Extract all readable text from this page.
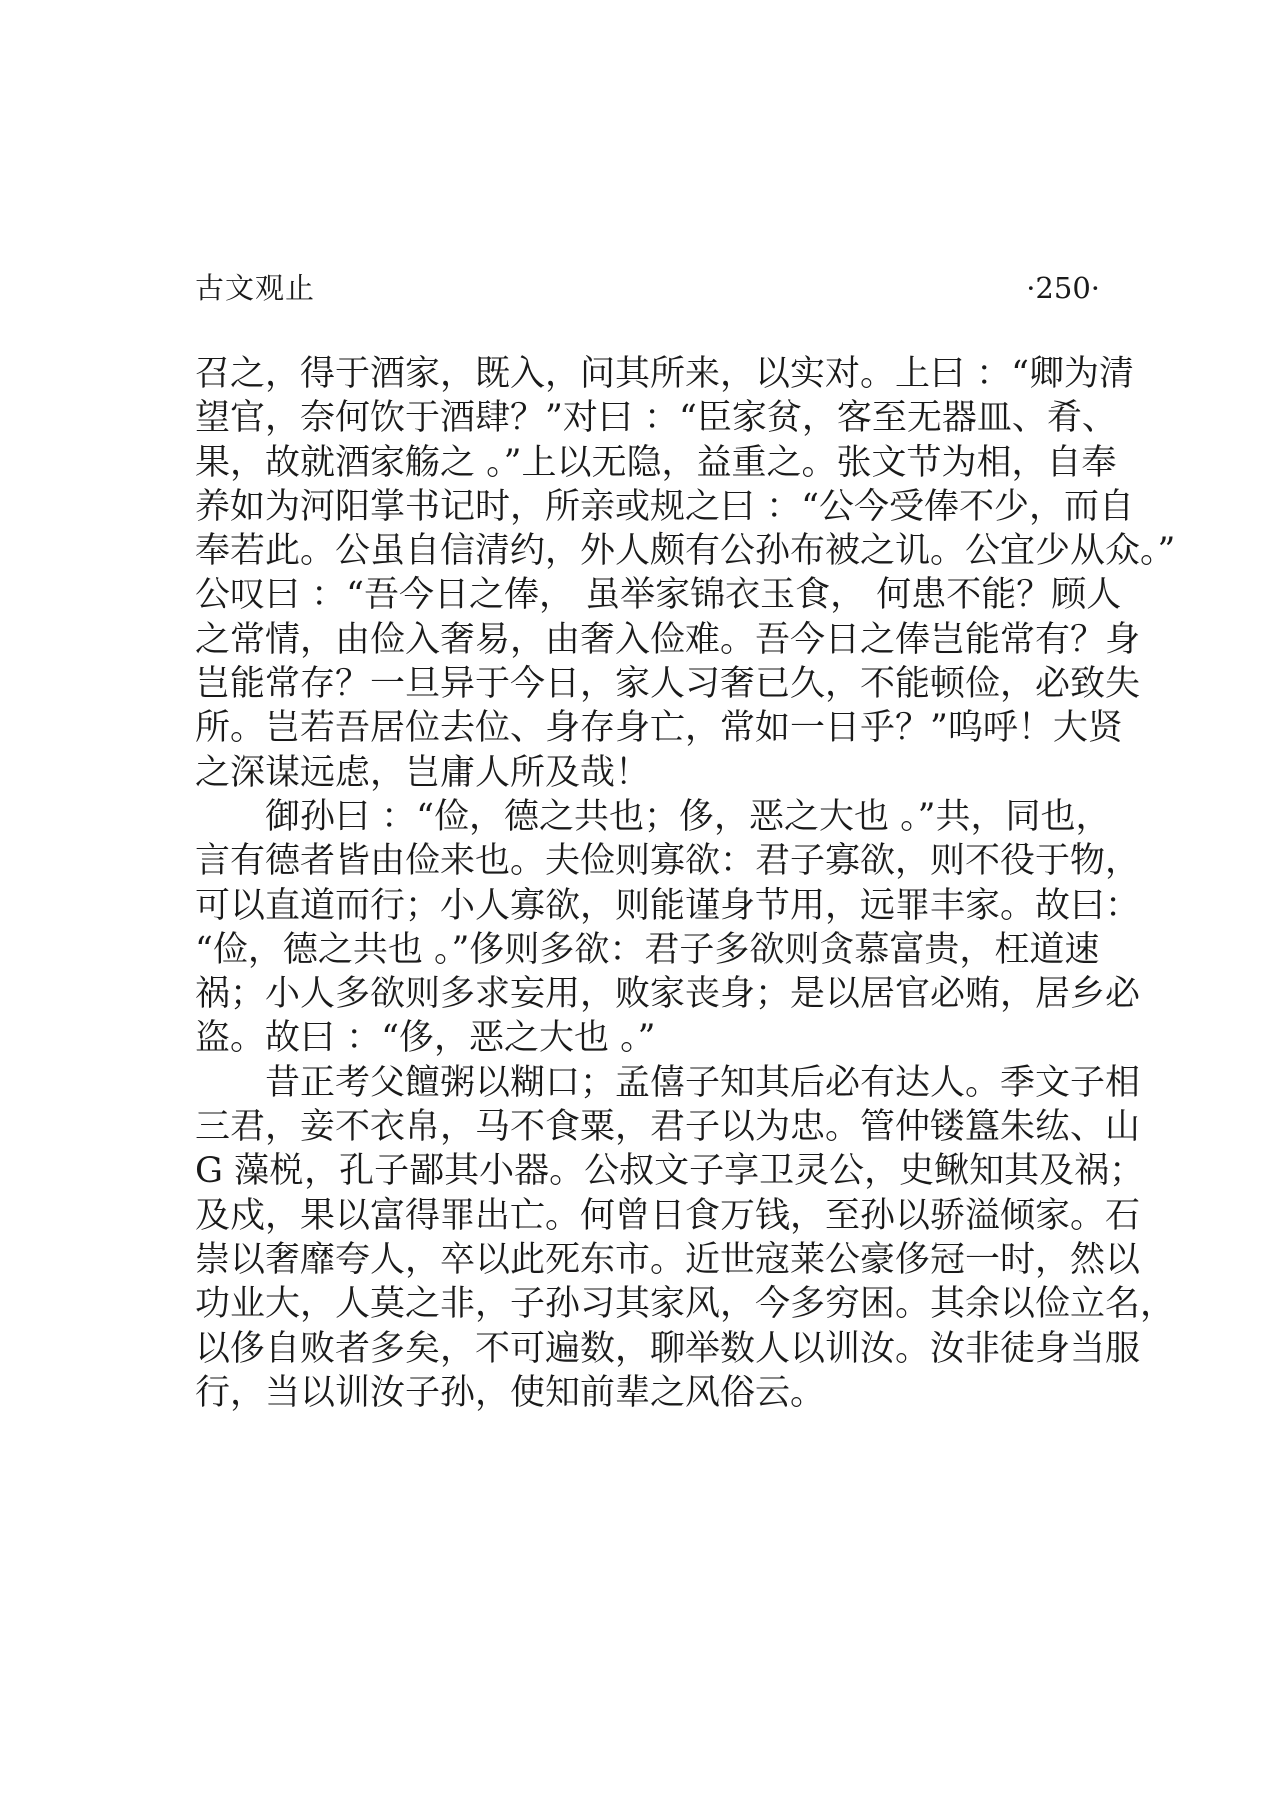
古文观止	·250·
召之，得于酒家，既入，问其所来，以实对。上曰 ：“卿为清
望官，奈何饮于酒肆？”对曰 ：“臣家贫，客至无器皿、肴、
果，故就酒家觞之 。”上以无隐，益重之。张文节为相，自奉
养如为河阳掌书记时，所亲或规之曰 ：“公今受俸不少，而自
奉若此。公虽自信清约，外人颇有公孙布被之讥。公宜少从众。”
公叹曰 ：“吾今日之俸， 虽举家锦衣玉食， 何患不能？顾人
之常情，由俭入奢易，由奢入俭难。吾今日之俸岂能常有？身
岂能常存？一旦异于今日，家人习奢已久，不能顿俭，必致失
所。岂若吾居位去位、身存身亡，常如一日乎？”呜呼！大贤
之深谋远虑，岂庸人所及哉！
　　御孙曰 ：“俭，德之共也；侈，恶之大也 。”共，同也，
言有德者皆由俭来也。夫俭则寡欲：君子寡欲，则不役于物，
可以直道而行；小人寡欲，则能谨身节用，远罪丰家。故曰：
“俭，德之共也 。”侈则多欲：君子多欲则贪慕富贵，枉道速
祸；小人多欲则多求妄用，败家丧身；是以居官必贿，居乡必
盗。故曰 ：“侈，恶之大也 。”
　　昔正考父饘粥以糊口；孟僖子知其后必有达人。季文子相
三君，妾不衣帛，马不食粟，君子以为忠。管仲镂簋朱纮、山
G 藻棁，孔子鄙其小器。公叔文子享卫灵公，史鳅知其及祸；
及戍，果以富得罪出亡。何曾日食万钱，至孙以骄溢倾家。石
崇以奢靡夸人，卒以此死东市。近世寇莱公豪侈冠一时，然以
功业大，人莫之非，子孙习其家风，今多穷困。其余以俭立名，
以侈自败者多矣，不可遍数，聊举数人以训汝。汝非徒身当服
行，当以训汝子孙，使知前辈之风俗云。
